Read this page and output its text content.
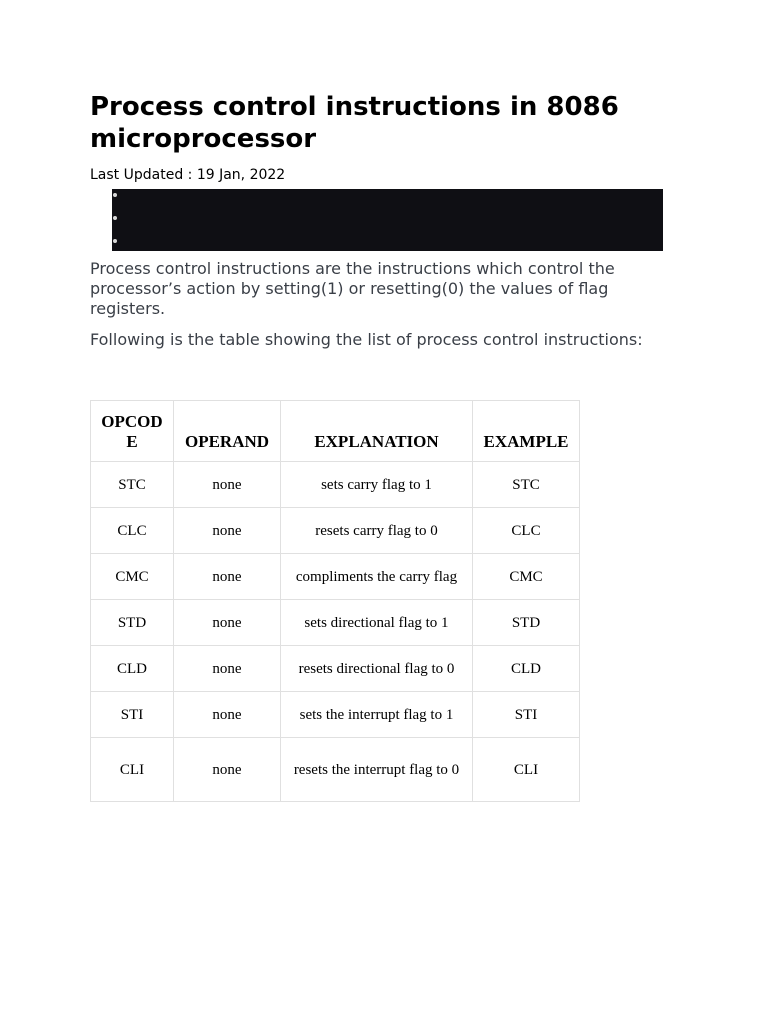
Process control instructions in 8086 microprocessor
Last Updated : 19 Jan, 2022

Process control instructions are the instructions which control the processor’s action by setting(1) or resetting(0) the values of flag registers.

Following is the table showing the list of process control instructions:

OPCODE	OPERAND	EXPLANATION	EXAMPLE
STC	none	sets carry flag to 1	STC
CLC	none	resets carry flag to 0	CLC
CMC	none	compliments the carry flag	CMC
STD	none	sets directional flag to 1	STD
CLD	none	resets directional flag to 0	CLD
STI	none	sets the interrupt flag to 1	STI
CLI	none	resets the interrupt flag to 0	CLI
